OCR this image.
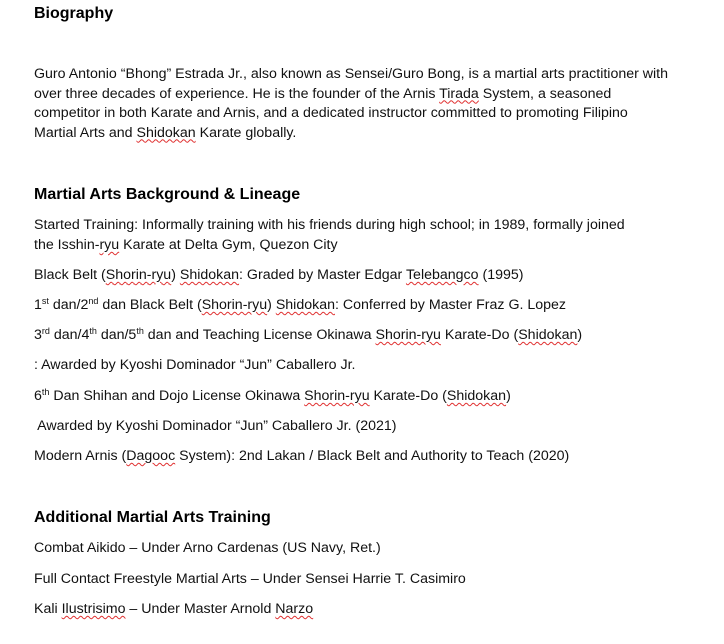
Biography

Guro Antonio “Bhong” Estrada Jr., also known as Sensei/Guro Bong, is a martial arts practitioner with over three decades of experience. He is the founder of the Arnis Tirada System, a seasoned competitor in both Karate and Arnis, and a dedicated instructor committed to promoting Filipino Martial Arts and Shidokan Karate globally.

Martial Arts Background & Lineage

Started Training: Informally training with his friends during high school; in 1989, formally joined

the Isshin-ryu Karate at Delta Gym, Quezon City

Black Belt (Shorin-ryu) Shidokan: Graded by Master Edgar Telebangco (1995)

1st dan/2nd dan Black Belt (Shorin-ryu) Shidokan: Conferred by Master Fraz G. Lopez

3rd dan/4th dan/5th dan and Teaching License Okinawa Shorin-ryu Karate-Do (Shidokan)

: Awarded by Kyoshi Dominador “Jun” Caballero Jr.

6th Dan Shihan and Dojo License Okinawa Shorin-ryu Karate-Do (Shidokan)

Awarded by Kyoshi Dominador “Jun” Caballero Jr. (2021)

Modern Arnis (Dagooc System): 2nd Lakan / Black Belt and Authority to Teach (2020)

Additional Martial Arts Training

Combat Aikido – Under Arno Cardenas (US Navy, Ret.)

Full Contact Freestyle Martial Arts – Under Sensei Harrie T. Casimiro

Kali Ilustrisimo – Under Master Arnold Narzo
